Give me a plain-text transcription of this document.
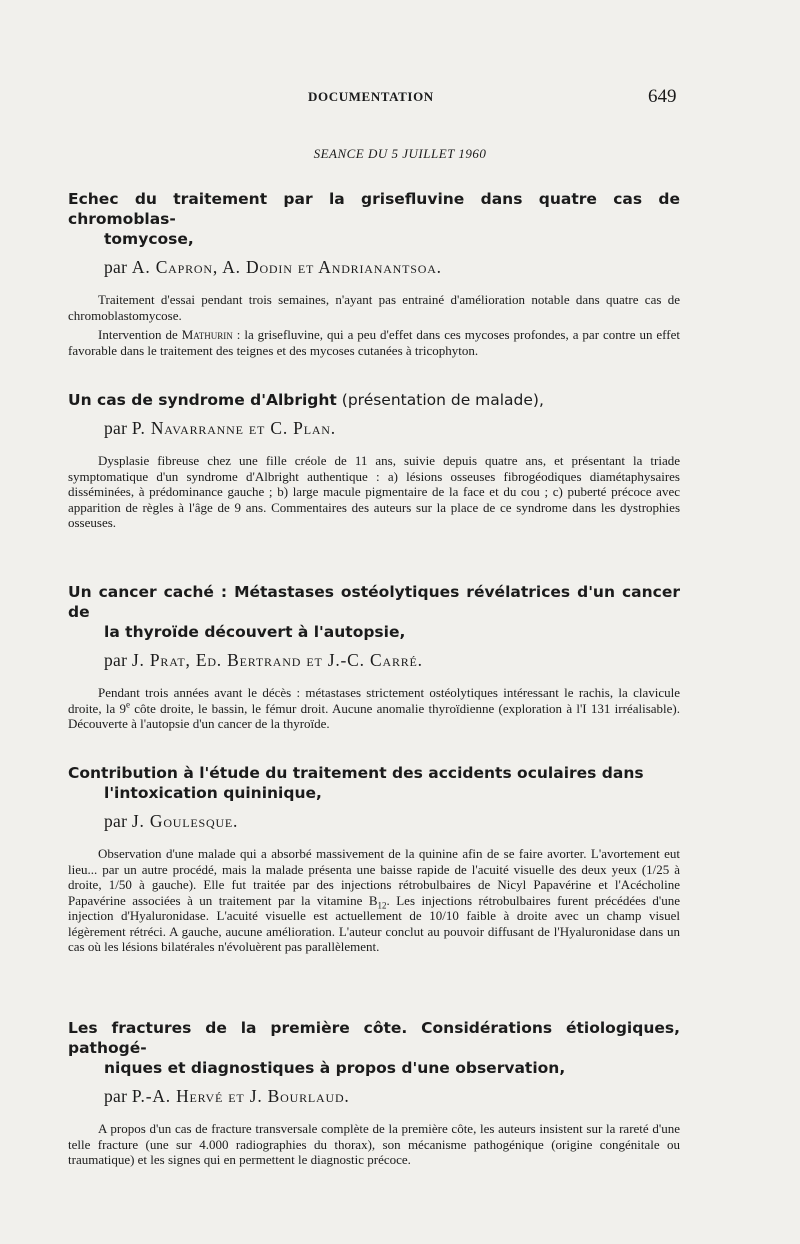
DOCUMENTATION	649
SEANCE DU 5 JUILLET 1960
Echec du traitement par la grisefluvine dans quatre cas de chromoblas-
tomycose,
par A. Capron, A. Dodin et Andrianantsoa.

Traitement d'essai pendant trois semaines, n'ayant pas entrainé d'amélioration notable dans quatre cas de chromoblastomycose.

Intervention de Mathurin : la grisefluvine, qui a peu d'effet dans ces mycoses profondes, a par contre un effet favorable dans le traitement des teignes et des mycoses cutanées à tricophyton.

Un cas de syndrome d'Albright (présentation de malade),
par P. Navarranne et C. Plan.

Dysplasie fibreuse chez une fille créole de 11 ans, suivie depuis quatre ans, et présentant la triade symptomatique d'un syndrome d'Albright authentique : a) lésions osseuses fibrogéodiques diamétaphysaires disséminées, à prédominance gauche ; b) large macule pigmentaire de la face et du cou ; c) puberté précoce avec apparition de règles à l'âge de 9 ans. Commentaires des auteurs sur la place de ce syndrome dans les dystrophies osseuses.

Un cancer caché : Métastases ostéolytiques révélatrices d'un cancer de
la thyroïde découvert à l'autopsie,
par J. Prat, Ed. Bertrand et J.-C. Carré.

Pendant trois années avant le décès : métastases strictement ostéolytiques intéressant le rachis, la clavicule droite, la 9e côte droite, le bassin, le fémur droit. Aucune anomalie thyroïdienne (exploration à l'I 131 irréalisable). Découverte à l'autopsie d'un cancer de la thyroïde.

Contribution à l'étude du traitement des accidents oculaires dans
l'intoxication quininique,
par J. Goulesque.

Observation d'une malade qui a absorbé massivement de la quinine afin de se faire avorter. L'avortement eut lieu... par un autre procédé, mais la malade présenta une baisse rapide de l'acuité visuelle des deux yeux (1/25 à droite, 1/50 à gauche). Elle fut traitée par des injections rétrobulbaires de Nicyl Papavérine et l'Acécholine Papavérine associées à un traitement par la vitamine $B_{12}$. Les injections rétrobulbaires furent précédées d'une injection d'Hyaluronidase. L'acuité visuelle est actuellement de 10/10 faible à droite avec un champ visuel légèrement rétréci. A gauche, aucune amélioration. L'auteur conclut au pouvoir diffusant de l'Hyaluronidase dans un cas où les lésions bilatérales n'évoluèrent pas parallèlement.

Les fractures de la première côte. Considérations étiologiques, pathogé-
niques et diagnostiques à propos d'une observation,
par P.-A. Hervé et J. Bourlaud.

A propos d'un cas de fracture transversale complète de la première côte, les auteurs insistent sur la rareté d'une telle fracture (une sur 4.000 radiographies du thorax), son mécanisme pathogénique (origine congénitale ou traumatique) et les signes qui en permettent le diagnostic précoce.
